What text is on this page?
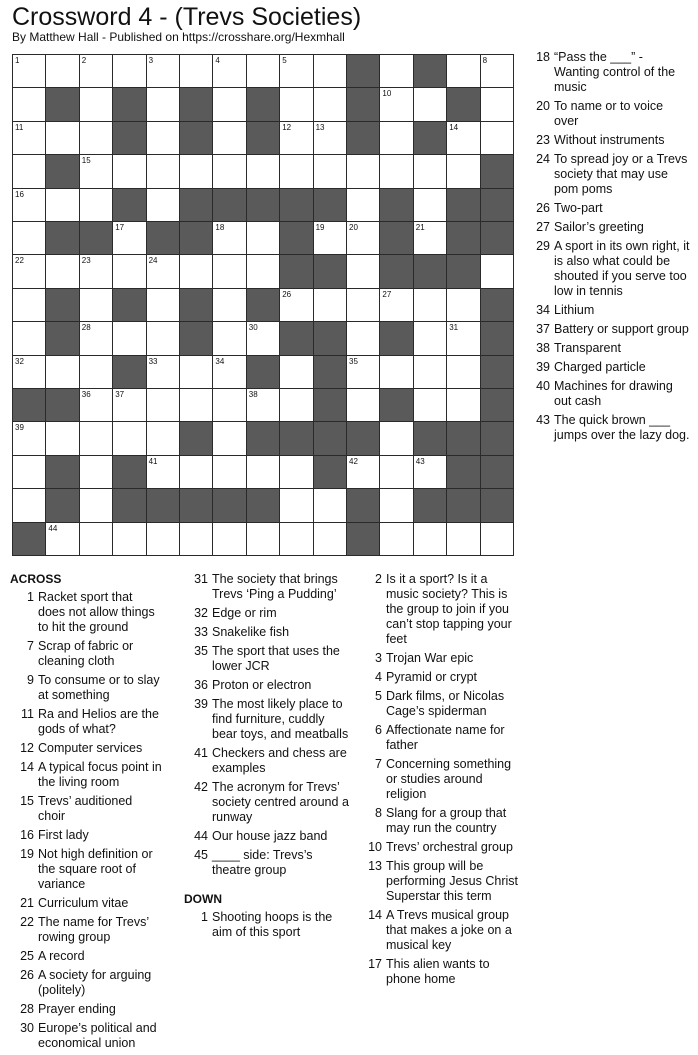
Crossword 4 - (Trevs Societies)
By Matthew Hall - Published on https://crosshare.org/Hexmhall
1	2	3	4	5	8
10
11	12	13	14
15
16
17	18	19	20	21
22	23	24
26	27
28	30	31
32	33	34	35
36	37	38
39
41	42	43
44
18 “Pass the ___” - Wanting control of the music
20 To name or to voice over
23 Without instruments
24 To spread joy or a Trevs society that may use pom poms
26 Two-part
27 Sailor’s greeting
29 A sport in its own right, it is also what could be shouted if you serve too low in tennis
34 Lithium
37 Battery or support group
38 Transparent
39 Charged particle
40 Machines for drawing out cash
43 The quick brown ___ jumps over the lazy dog.
ACROSS
1 Racket sport that does not allow things to hit the ground
7 Scrap of fabric or cleaning cloth
9 To consume or to slay at something
11 Ra and Helios are the gods of what?
12 Computer services
14 A typical focus point in the living room
15 Trevs’ auditioned choir
16 First lady
19 Not high definition or the square root of variance
21 Curriculum vitae
22 The name for Trevs’ rowing group
25 A record
26 A society for arguing (politely)
28 Prayer ending
30 Europe’s political and economical union
31 The society that brings Trevs ‘Ping a Pudding’
32 Edge or rim
33 Snakelike fish
35 The sport that uses the lower JCR
36 Proton or electron
39 The most likely place to find furniture, cuddly bear toys, and meatballs
41 Checkers and chess are examples
42 The acronym for Trevs’ society centred around a runway
44 Our house jazz band
45 ____ side: Trevs’s theatre group
DOWN
1 Shooting hoops is the aim of this sport
2 Is it a sport? Is it a music society? This is the group to join if you can’t stop tapping your feet
3 Trojan War epic
4 Pyramid or crypt
5 Dark films, or Nicolas Cage’s spiderman
6 Affectionate name for father
7 Concerning something or studies around religion
8 Slang for a group that may run the country
10 Trevs’ orchestral group
13 This group will be performing Jesus Christ Superstar this term
14 A Trevs musical group that makes a joke on a musical key
17 This alien wants to phone home
